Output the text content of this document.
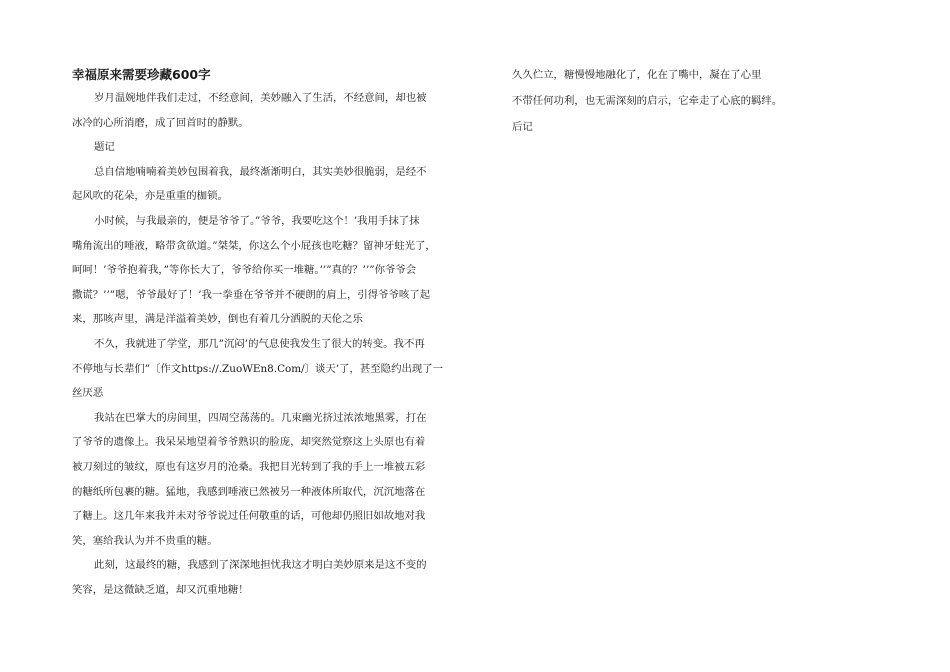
幸福原来需要珍藏600字

岁月温婉地伴我们走过，不经意间，美妙融入了生活，不经意间，却也被

冰冷的心所消磨，成了回首时的静默。

题记

总自信地喃喃着美妙包围着我，最终渐渐明白，其实美妙很脆弱，是经不

起风吹的花朵，亦是重重的枷锁。

小时候，与我最亲的，便是爷爷了。”爷爷，我要吃这个！’我用手抹了抹

嘴角流出的唾液，略带贪欲道。”桀桀，你这么个小屁孩也吃糖？留神牙蛀光了，

呵呵！’爷爷抱着我，”等你长大了，爷爷给你买一堆糖。’’”真的？’’”你爷爷会

撒谎？’’”嗯，爷爷最好了！’我一拳垂在爷爷并不硬朗的肩上，引得爷爷咳了起

来，那咳声里，满是洋溢着美妙，倒也有着几分洒脱的天伦之乐

不久，我就进了学堂，那几”沉闷’的气息使我发生了很大的转变。我不再

不停地与长辈们”〔作文https://.ZuoWEn8.Com/〕谈天’了，甚至隐约出现了一

丝厌恶

我站在巴掌大的房间里，四周空荡荡的。几束幽光挤过浓浓地黑雾，打在

了爷爷的遗像上。我呆呆地望着爷爷熟识的脸庞，却突然觉察这上头原也有着

被刀刻过的皱纹，原也有这岁月的沧桑。我把目光转到了我的手上一堆被五彩

的糖纸所包裹的糖。猛地，我感到唾液已然被另一种液体所取代，沉沉地落在

了糖上。这几年来我并未对爷爷说过任何敬重的话，可他却仍照旧如故地对我

笑，塞给我认为并不贵重的糖。

此刻，这最终的糖，我感到了深深地担忧我这才明白美妙原来是这不变的

笑容，是这微缺乏道，却又沉重地糖！

久久伫立，糖慢慢地融化了，化在了嘴中，凝在了心里

不带任何功利，也无需深刻的启示，它牵走了心底的羁绊。

后记
